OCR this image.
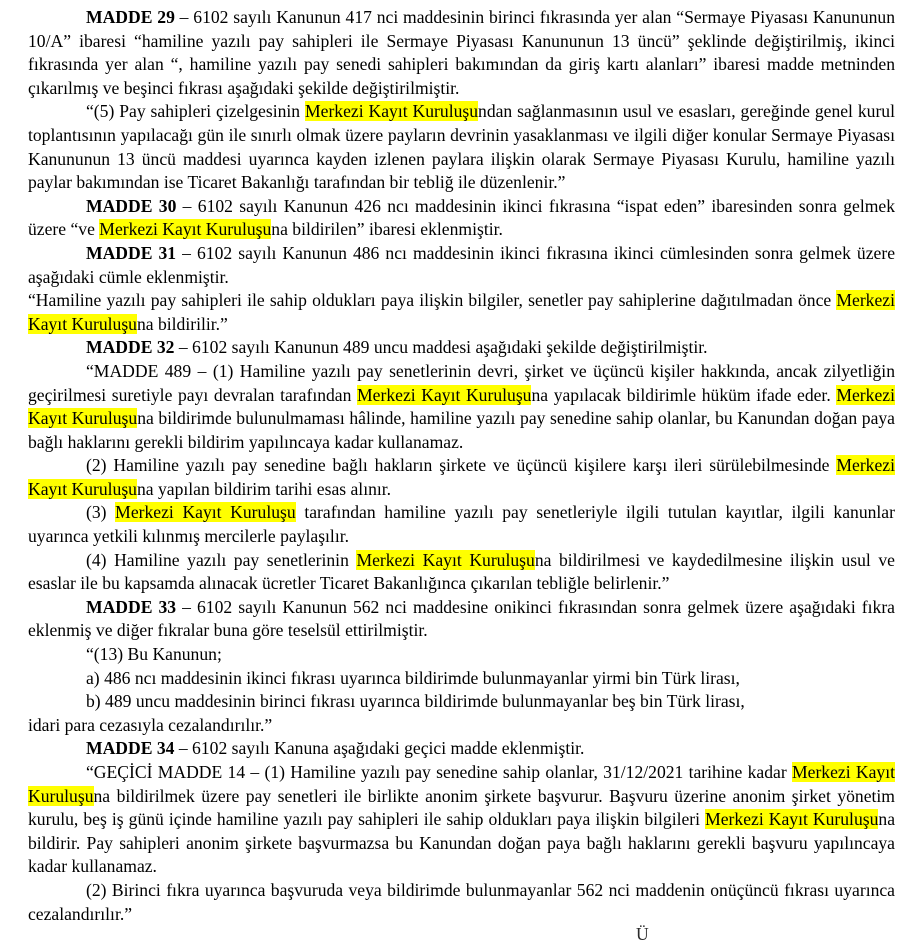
MADDE 29 – 6102 sayılı Kanunun 417 nci maddesinin birinci fıkrasında yer alan “Sermaye Piyasası Kanununun 10/A” ibaresi “hamiline yazılı pay sahipleri ile Sermaye Piyasası Kanununun 13 üncü” şeklinde değiştirilmiş, ikinci fıkrasında yer alan “, hamiline yazılı pay senedi sahipleri bakımından da giriş kartı alanları” ibaresi madde metninden çıkarılmış ve beşinci fıkrası aşağıdaki şekilde değiştirilmiştir.

“(5) Pay sahipleri çizelgesinin Merkezi Kayıt Kuruluşundan sağlanmasının usul ve esasları, gereğinde genel kurul toplantısının yapılacağı gün ile sınırlı olmak üzere payların devrinin yasaklanması ve ilgili diğer konular Sermaye Piyasası Kanununun 13 üncü maddesi uyarınca kayden izlenen paylara ilişkin olarak Sermaye Piyasası Kurulu, hamiline yazılı paylar bakımından ise Ticaret Bakanlığı tarafından bir tebliğ ile düzenlenir.”

MADDE 30 – 6102 sayılı Kanunun 426 ncı maddesinin ikinci fıkrasına “ispat eden” ibaresinden sonra gelmek üzere “ve Merkezi Kayıt Kuruluşuna bildirilen” ibaresi eklenmiştir.

MADDE 31 – 6102 sayılı Kanunun 486 ncı maddesinin ikinci fıkrasına ikinci cümlesinden sonra gelmek üzere aşağıdaki cümle eklenmiştir.

“Hamiline yazılı pay sahipleri ile sahip oldukları paya ilişkin bilgiler, senetler pay sahiplerine dağıtılmadan önce Merkezi Kayıt Kuruluşuna bildirilir.”

MADDE 32 – 6102 sayılı Kanunun 489 uncu maddesi aşağıdaki şekilde değiştirilmiştir.

“MADDE 489 – (1) Hamiline yazılı pay senetlerinin devri, şirket ve üçüncü kişiler hakkında, ancak zilyetliğin geçirilmesi suretiyle payı devralan tarafından Merkezi Kayıt Kuruluşuna yapılacak bildirimle hüküm ifade eder. Merkezi Kayıt Kuruluşuna bildirimde bulunulmaması hâlinde, hamiline yazılı pay senedine sahip olanlar, bu Kanundan doğan paya bağlı haklarını gerekli bildirim yapılıncaya kadar kullanamaz.

(2) Hamiline yazılı pay senedine bağlı hakların şirkete ve üçüncü kişilere karşı ileri sürülebilmesinde Merkezi Kayıt Kuruluşuna yapılan bildirim tarihi esas alınır.

(3) Merkezi Kayıt Kuruluşu tarafından hamiline yazılı pay senetleriyle ilgili tutulan kayıtlar, ilgili kanunlar uyarınca yetkili kılınmış mercilerle paylaşılır.

(4) Hamiline yazılı pay senetlerinin Merkezi Kayıt Kuruluşuna bildirilmesi ve kaydedilmesine ilişkin usul ve esaslar ile bu kapsamda alınacak ücretler Ticaret Bakanlığınca çıkarılan tebliğle belirlenir.”

MADDE 33 – 6102 sayılı Kanunun 562 nci maddesine onikinci fıkrasından sonra gelmek üzere aşağıdaki fıkra eklenmiş ve diğer fıkralar buna göre teselsül ettirilmiştir.

“(13) Bu Kanunun;

a) 486 ncı maddesinin ikinci fıkrası uyarınca bildirimde bulunmayanlar yirmi bin Türk lirası,

b) 489 uncu maddesinin birinci fıkrası uyarınca bildirimde bulunmayanlar beş bin Türk lirası,

idari para cezasıyla cezalandırılır.”

MADDE 34 – 6102 sayılı Kanuna aşağıdaki geçici madde eklenmiştir.

“GEÇİCİ MADDE 14 – (1) Hamiline yazılı pay senedine sahip olanlar, 31/12/2021 tarihine kadar Merkezi Kayıt Kuruluşuna bildirilmek üzere pay senetleri ile birlikte anonim şirkete başvurur. Başvuru üzerine anonim şirket yönetim kurulu, beş iş günü içinde hamiline yazılı pay sahipleri ile sahip oldukları paya ilişkin bilgileri Merkezi Kayıt Kuruluşuna bildirir. Pay sahipleri anonim şirkete başvurmazsa bu Kanundan doğan paya bağlı haklarını gerekli başvuru yapılıncaya kadar kullanamaz.

(2) Birinci fıkra uyarınca başvuruda veya bildirimde bulunmayanlar 562 nci maddenin onüçüncü fıkrası uyarınca cezalandırılır.”

Ü
